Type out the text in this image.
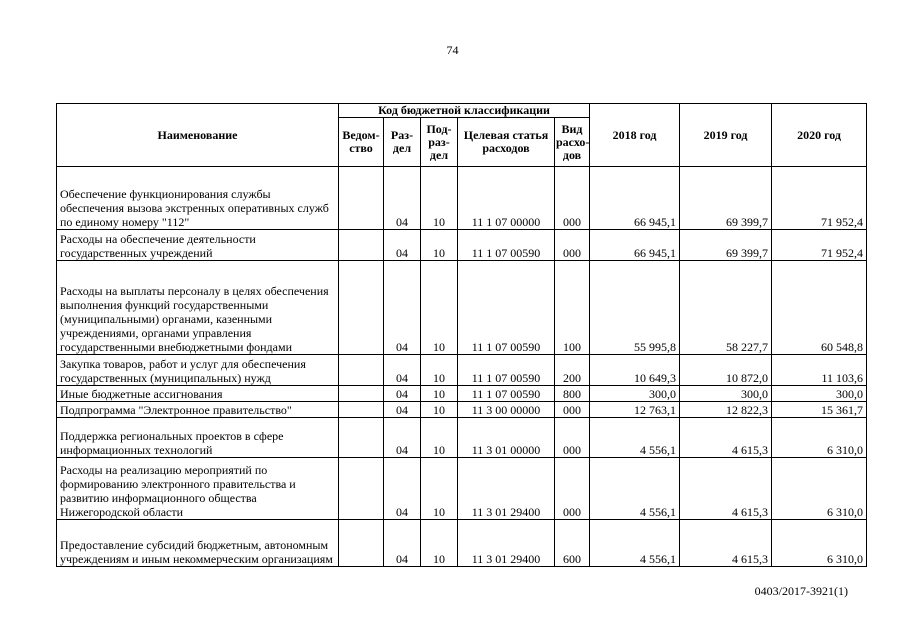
74
Наименование	Код бюджетной классификации					2018 год	2019 год	2020 год
	Ведом-ство	Раз-дел	Под-раз-дел	Целевая статья расходов	Вид расхо-дов			
Обеспечение функционирования службы обеспечения вызова экстренных оперативных служб по единому номеру "112"		04	10	11 1 07 00000	000	66 945,1	69 399,7	71 952,4
Расходы на обеспечение деятельности государственных учреждений		04	10	11 1 07 00590	000	66 945,1	69 399,7	71 952,4
Расходы на выплаты персоналу в целях обеспечения выполнения функций государственными (муниципальными) органами, казенными учреждениями, органами управления государственными внебюджетными фондами		04	10	11 1 07 00590	100	55 995,8	58 227,7	60 548,8
Закупка товаров, работ и услуг для обеспечения государственных (муниципальных) нужд		04	10	11 1 07 00590	200	10 649,3	10 872,0	11 103,6
Иные бюджетные ассигнования		04	10	11 1 07 00590	800	300,0	300,0	300,0
Подпрограмма "Электронное правительство"		04	10	11 3 00 00000	000	12 763,1	12 822,3	15 361,7
Поддержка региональных проектов в сфере информационных технологий		04	10	11 3 01 00000	000	4 556,1	4 615,3	6 310,0
Расходы на реализацию мероприятий по формированию электронного правительства и развитию информационного общества Нижегородской области		04	10	11 3 01 29400	000	4 556,1	4 615,3	6 310,0
Предоставление субсидий бюджетным, автономным учреждениям и иным некоммерческим организациям		04	10	11 3 01 29400	600	4 556,1	4 615,3	6 310,0
0403/2017-3921(1)
